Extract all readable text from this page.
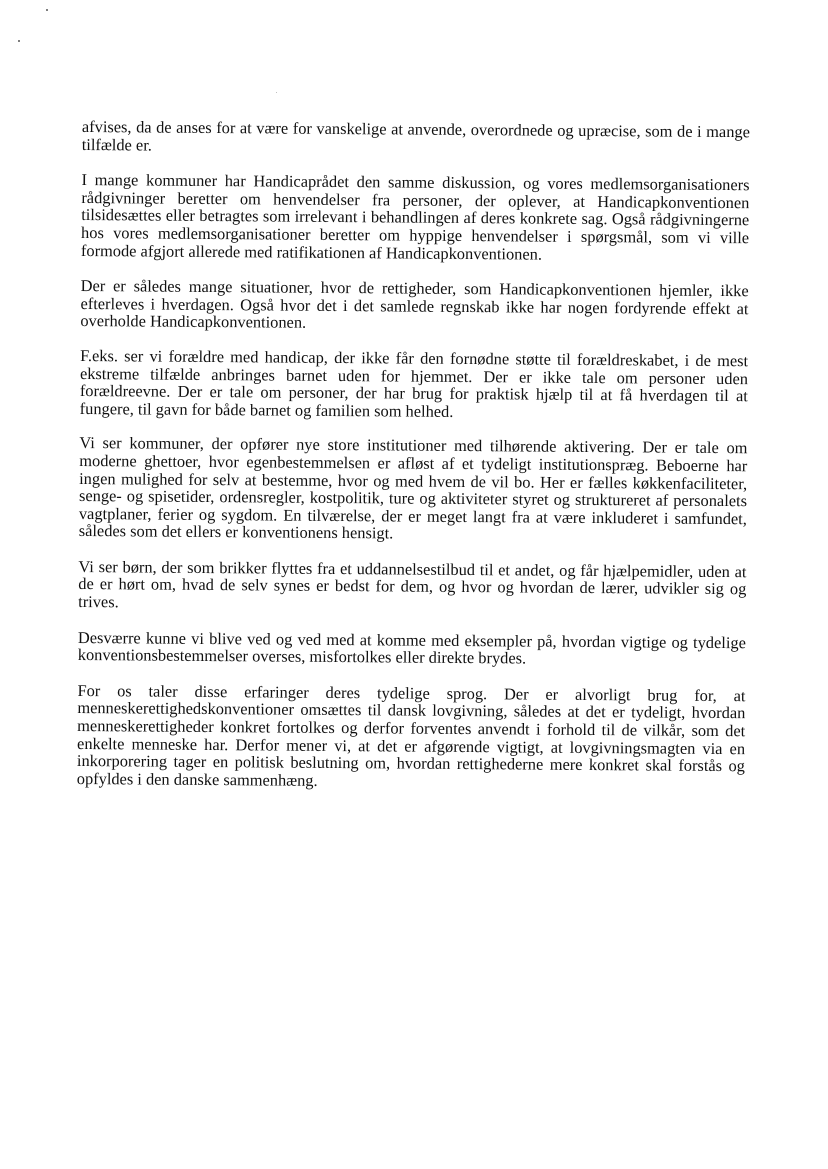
afvises, da de anses for at være for vanskelige at anvende, overordnede og upræcise, som de i mange tilfælde er.

I mange kommuner har Handicaprådet den samme diskussion, og vores medlemsorganisationers rådgivninger beretter om henvendelser fra personer, der oplever, at Handicapkonventionen tilsidesættes eller betragtes som irrelevant i behandlingen af deres konkrete sag. Også rådgivningerne hos vores medlemsorganisationer beretter om hyppige henvendelser i spørgsmål, som vi ville formode afgjort allerede med ratifikationen af Handicapkonventionen.

Der er således mange situationer, hvor de rettigheder, som Handicapkonventionen hjemler, ikke efterleves i hverdagen. Også hvor det i det samlede regnskab ikke har nogen fordyrende effekt at overholde Handicapkonventionen.

F.eks. ser vi forældre med handicap, der ikke får den fornødne støtte til forældreskabet, i de mest ekstreme tilfælde anbringes barnet uden for hjemmet. Der er ikke tale om personer uden forældreevne. Der er tale om personer, der har brug for praktisk hjælp til at få hverdagen til at fungere, til gavn for både barnet og familien som helhed.

Vi ser kommuner, der opfører nye store institutioner med tilhørende aktivering. Der er tale om moderne ghettoer, hvor egenbestemmelsen er afløst af et tydeligt institutionspræg. Beboerne har ingen mulighed for selv at bestemme, hvor og med hvem de vil bo. Her er fælles køkkenfaciliteter, senge- og spisetider, ordensregler, kostpolitik, ture og aktiviteter styret og struktureret af personalets vagtplaner, ferier og sygdom. En tilværelse, der er meget langt fra at være inkluderet i samfundet, således som det ellers er konventionens hensigt.

Vi ser børn, der som brikker flyttes fra et uddannelsestilbud til et andet, og får hjælpemidler, uden at de er hørt om, hvad de selv synes er bedst for dem, og hvor og hvordan de lærer, udvikler sig og trives.

Desværre kunne vi blive ved og ved med at komme med eksempler på, hvordan vigtige og tydelige konventionsbestemmelser overses, misfortolkes eller direkte brydes.

For os taler disse erfaringer deres tydelige sprog. Der er alvorligt brug for, at menneskerettighedskonventioner omsættes til dansk lovgivning, således at det er tydeligt, hvordan menneskerettigheder konkret fortolkes og derfor forventes anvendt i forhold til de vilkår, som det enkelte menneske har. Derfor mener vi, at det er afgørende vigtigt, at lovgivningsmagten via en inkorporering tager en politisk beslutning om, hvordan rettighederne mere konkret skal forstås og opfyldes i den danske sammenhæng.
